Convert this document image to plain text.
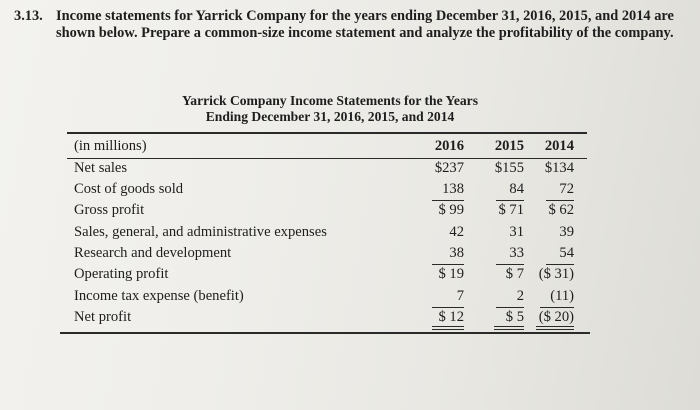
3.13. Income statements for Yarrick Company for the years ending December 31, 2016, 2015, and 2014 are shown below. Prepare a common-size income statement and analyze the profitability of the company.
Yarrick Company Income Statements for the Years
Ending December 31, 2016, 2015, and 2014
(in millions)	2016	2015	2014
Net sales	$237	$155	$134
Cost of goods sold	138	84	72
Gross profit	$ 99	$ 71	$ 62
Sales, general, and administrative expenses	42	31	39
Research and development	38	33	54
Operating profit	$ 19	$ 7	($ 31)
Income tax expense (benefit)	7	2	(11)
Net profit	$ 12	$ 5	($ 20)
